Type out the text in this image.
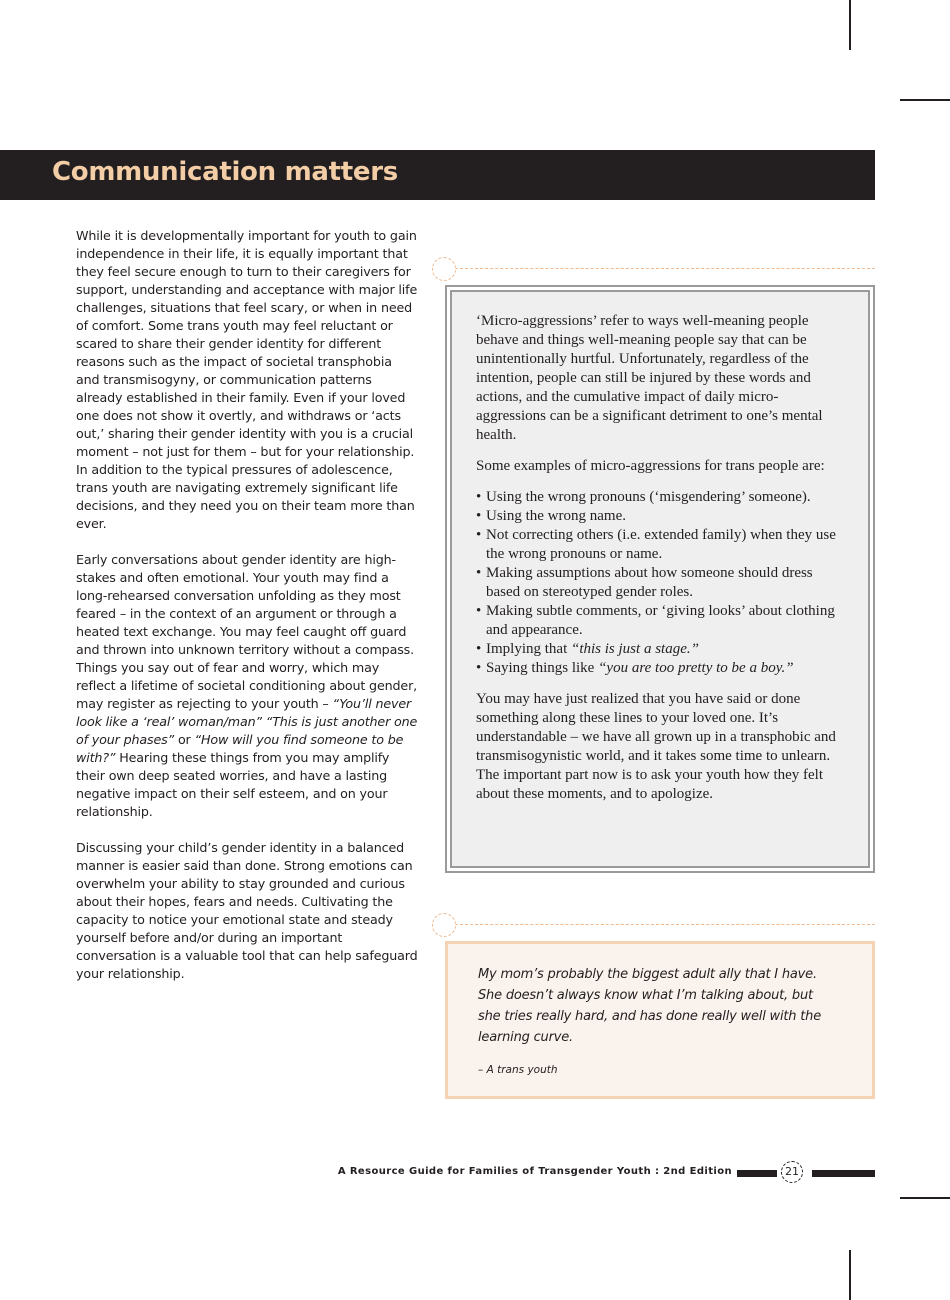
Communication matters

While it is developmentally important for youth to gain independence in their life, it is equally important that they feel secure enough to turn to their caregivers for support, understanding and acceptance with major life challenges, situations that feel scary, or when in need of comfort. Some trans youth may feel reluctant or scared to share their gender identity for different reasons such as the impact of societal transphobia and transmisogyny, or communication patterns already established in their family. Even if your loved one does not show it overtly, and withdraws or ‘acts out,’ sharing their gender identity with you is a crucial moment – not just for them – but for your relationship. In addition to the typical pressures of adolescence, trans youth are navigating extremely significant life decisions, and they need you on their team more than ever.

Early conversations about gender identity are high-stakes and often emotional. Your youth may find a long-rehearsed conversation unfolding as they most feared – in the context of an argument or through a heated text exchange. You may feel caught off guard and thrown into unknown territory without a compass. Things you say out of fear and worry, which may reflect a lifetime of societal conditioning about gender, may register as rejecting to your youth – “You’ll never look like a ‘real’ woman/man” “This is just another one of your phases” or “How will you find someone to be with?” Hearing these things from you may amplify their own deep seated worries, and have a lasting negative impact on their self esteem, and on your relationship.

Discussing your child’s gender identity in a balanced manner is easier said than done. Strong emotions can overwhelm your ability to stay grounded and curious about their hopes, fears and needs. Cultivating the capacity to notice your emotional state and steady yourself before and/or during an important conversation is a valuable tool that can help safeguard your relationship.

‘Micro-aggressions’ refer to ways well-meaning people behave and things well-meaning people say that can be unintentionally hurtful. Unfortunately, regardless of the intention, people can still be injured by these words and actions, and the cumulative impact of daily micro-aggressions can be a significant detriment to one’s mental health.

Some examples of micro-aggressions for trans people are:

• Using the wrong pronouns (‘misgendering’ someone).
• Using the wrong name.
• Not correcting others (i.e. extended family) when they use the wrong pronouns or name.
• Making assumptions about how someone should dress based on stereotyped gender roles.
• Making subtle comments, or ‘giving looks’ about clothing and appearance.
• Implying that “this is just a stage.”
• Saying things like “you are too pretty to be a boy.”

You may have just realized that you have said or done something along these lines to your loved one. It’s understandable – we have all grown up in a transphobic and transmisogynistic world, and it takes some time to unlearn. The important part now is to ask your youth how they felt about these moments, and to apologize.

My mom’s probably the biggest adult ally that I have. She doesn’t always know what I’m talking about, but she tries really hard, and has done really well with the learning curve.

– A trans youth

A Resource Guide for Families of Transgender Youth : 2nd Edition	21
